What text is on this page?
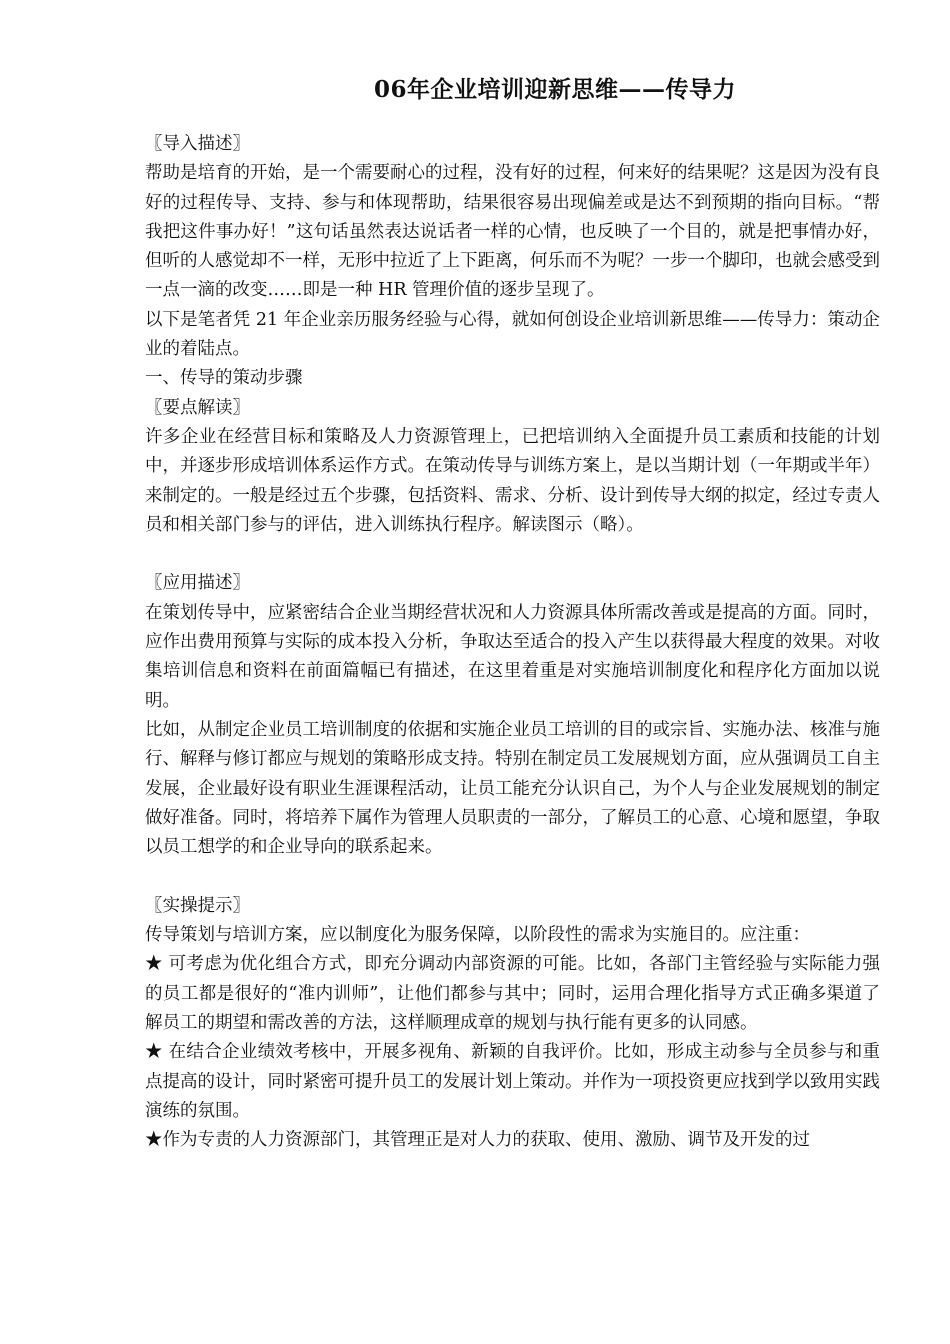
06年企业培训迎新思维——传导力

〖导入描述〗

帮助是培育的开始，是一个需要耐心的过程，没有好的过程，何来好的结果呢？这是因为没有良好的过程传导、支持、参与和体现帮助，结果很容易出现偏差或是达不到预期的指向目标。“帮我把这件事办好！”这句话虽然表达说话者一样的心情，也反映了一个目的，就是把事情办好，但听的人感觉却不一样，无形中拉近了上下距离，何乐而不为呢？一步一个脚印，也就会感受到一点一滴的改变……即是一种 HR 管理价值的逐步呈现了。

以下是笔者凭 21 年企业亲历服务经验与心得，就如何创设企业培训新思维——传导力：策动企业的着陆点。

一、传导的策动步骤

〖要点解读〗

许多企业在经营目标和策略及人力资源管理上，已把培训纳入全面提升员工素质和技能的计划中，并逐步形成培训体系运作方式。在策动传导与训练方案上，是以当期计划（一年期或半年）来制定的。一般是经过五个步骤，包括资料、需求、分析、设计到传导大纲的拟定，经过专责人员和相关部门参与的评估，进入训练执行程序。解读图示（略）。

〖应用描述〗

在策划传导中，应紧密结合企业当期经营状况和人力资源具体所需改善或是提高的方面。同时，应作出费用预算与实际的成本投入分析，争取达至适合的投入产生以获得最大程度的效果。对收集培训信息和资料在前面篇幅已有描述，在这里着重是对实施培训制度化和程序化方面加以说明。

比如，从制定企业员工培训制度的依据和实施企业员工培训的目的或宗旨、实施办法、核准与施行、解释与修订都应与规划的策略形成支持。特别在制定员工发展规划方面，应从强调员工自主发展，企业最好设有职业生涯课程活动，让员工能充分认识自己，为个人与企业发展规划的制定做好准备。同时，将培养下属作为管理人员职责的一部分，了解员工的心意、心境和愿望，争取以员工想学的和企业导向的联系起来。

〖实操提示〗

传导策划与培训方案，应以制度化为服务保障，以阶段性的需求为实施目的。应注重：

★ 可考虑为优化组合方式，即充分调动内部资源的可能。比如，各部门主管经验与实际能力强的员工都是很好的“准内训师”，让他们都参与其中；同时，运用合理化指导方式正确多渠道了解员工的期望和需改善的方法，这样顺理成章的规划与执行能有更多的认同感。

★ 在结合企业绩效考核中，开展多视角、新颖的自我评价。比如，形成主动参与全员参与和重点提高的设计，同时紧密可提升员工的发展计划上策动。并作为一项投资更应找到学以致用实践演练的氛围。

★作为专责的人力资源部门，其管理正是对人力的获取、使用、激励、调节及开发的过
